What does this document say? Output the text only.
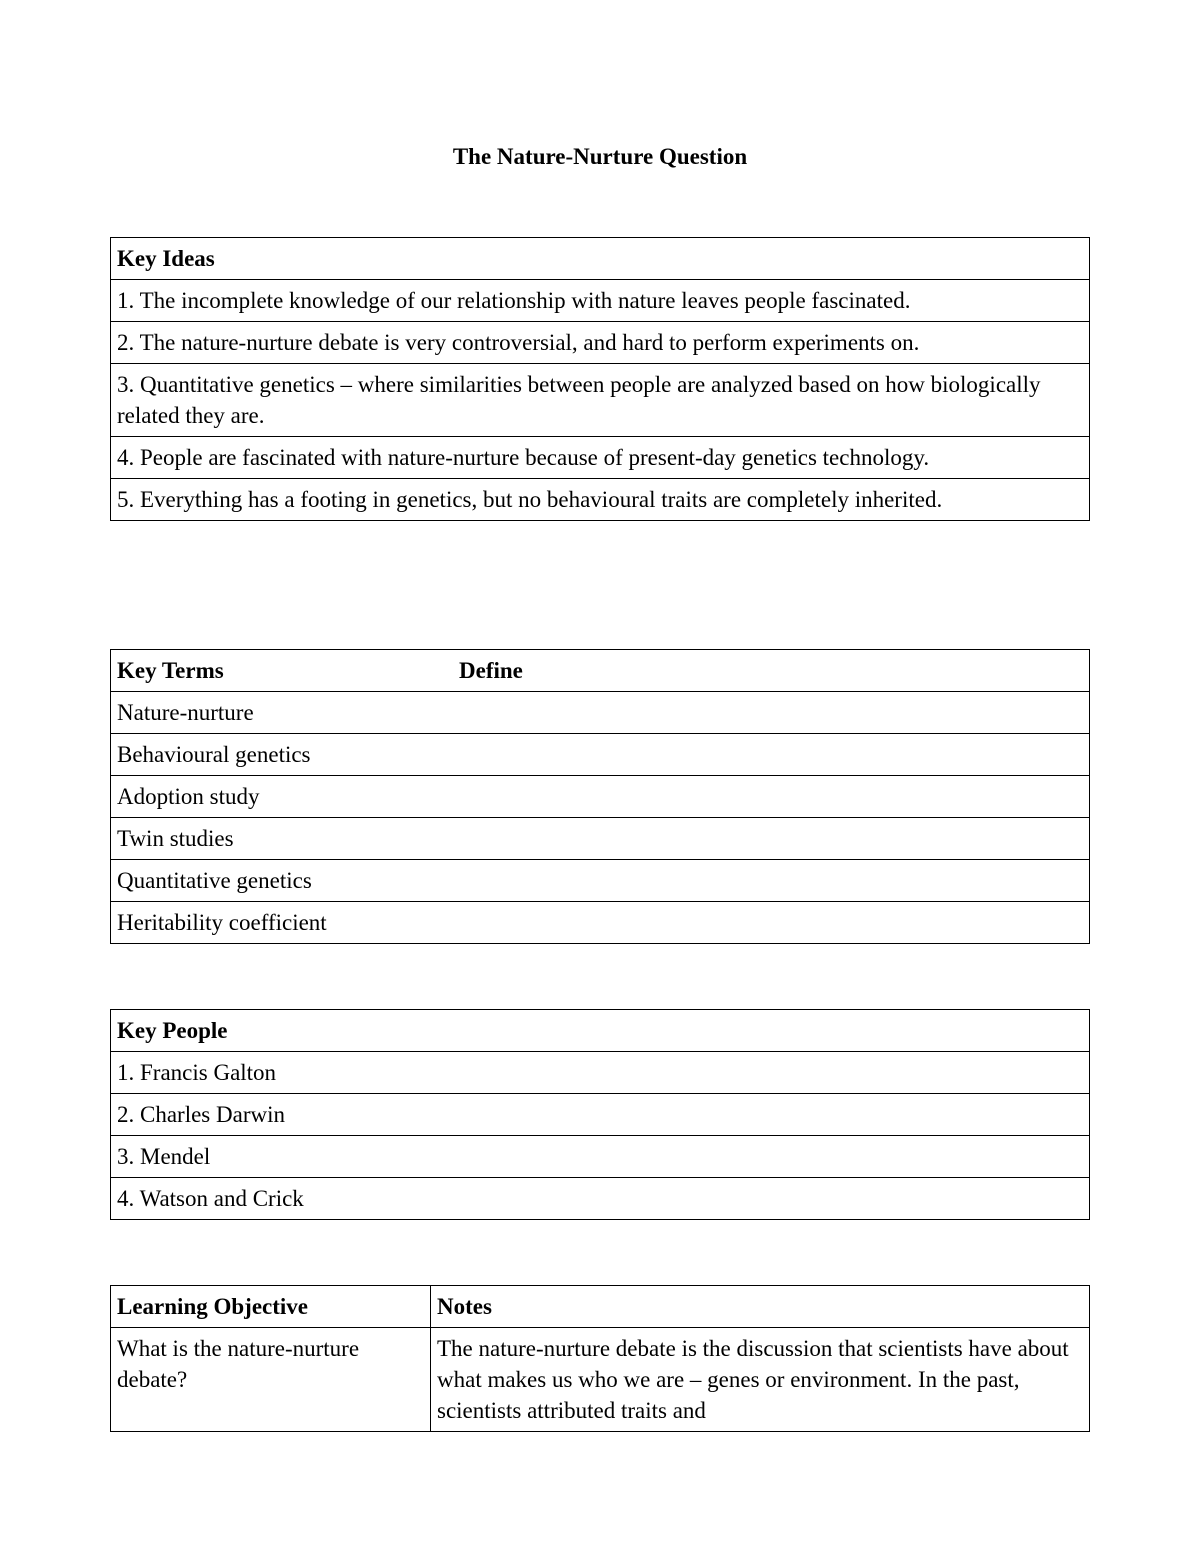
The Nature-Nurture Question
Key Ideas
1. The incomplete knowledge of our relationship with nature leaves people fascinated.
2. The nature-nurture debate is very controversial, and hard to perform experiments on.
3. Quantitative genetics – where similarities between people are analyzed based on how biologically related they are.
4. People are fascinated with nature-nurture because of present-day genetics technology.
5. Everything has a footing in genetics, but no behavioural traits are completely inherited.
Key Terms	Define

Nature-nurture
Behavioural genetics
Adoption study
Twin studies
Quantitative genetics
Heritability coefficient
Key People
1. Francis Galton
2. Charles Darwin
3. Mendel
4. Watson and Crick
Learning Objective	Notes
What is the nature-nurture debate?	The nature-nurture debate is the discussion that scientists have about what makes us who we are – genes or environment. In the past, scientists attributed traits and
